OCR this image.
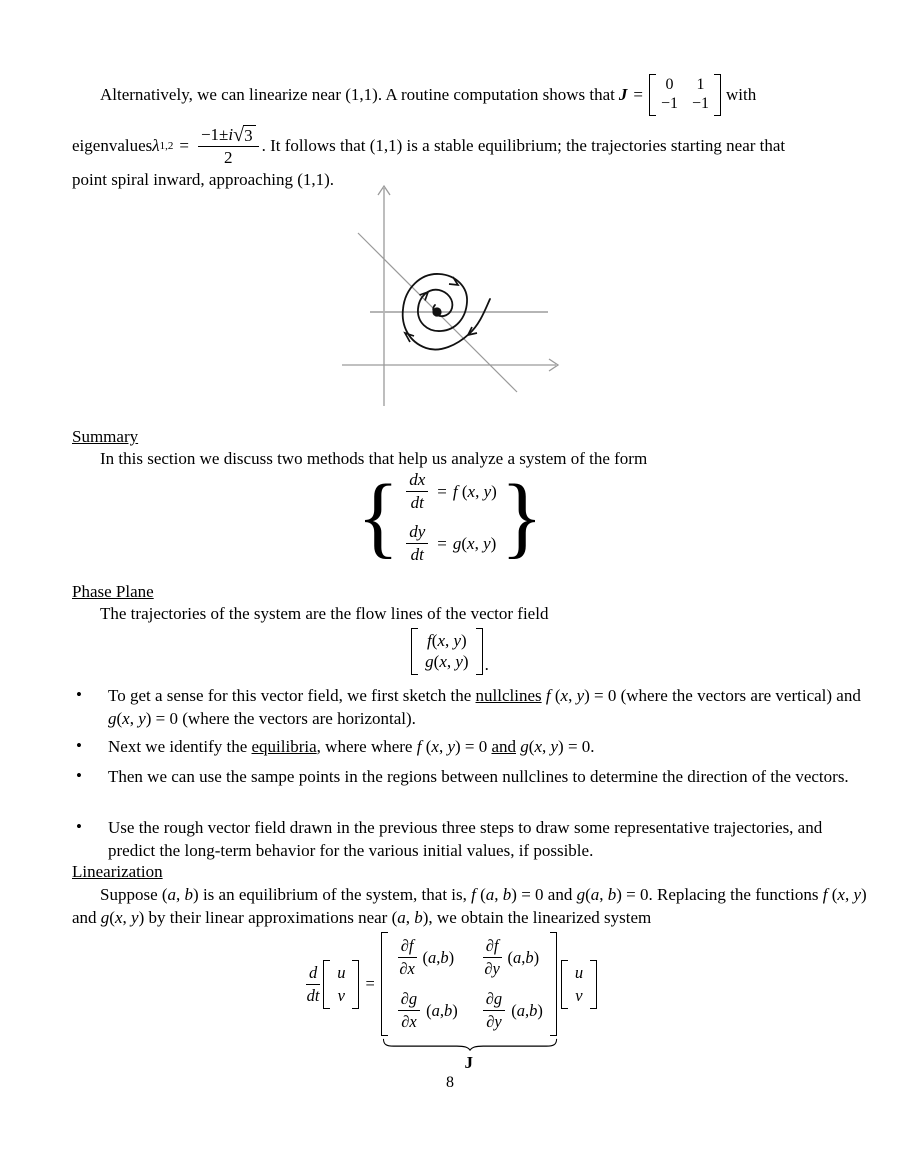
Alternatively, we can linearize near (1,1). A routine computation shows that J =
0 1
−1 −1 with
eigenvalues λ $1,2 = \frac{-1\pm i √ 3}{2}$ . It follows that (1,1) is a stable equilibrium; the trajectories starting near that
point spiral inward, approaching (1,1).
Summary
In this section we discuss two methods that help us analyze a system of the form
{ $\frac{dx}{dt} = f$ (x, y)
$\frac{dy}{dt} = g(x$, y) }
Phase Plane
The trajectories of the system are the flow lines of the vector field
f(x, y)
g(x, y) .
• To get a sense for this vector field, we first sketch the nullclines f (x, y) = 0 (where the vectors are vertical) and g(x, y) = 0 (where the vectors are horizontal).
• Next we identify the equilibria, where where f (x, y) = 0 and g(x, y) = 0.
• Then we can use the sampe points in the regions between nullclines to determine the direction of the vectors.
• Use the rough vector field drawn in the previous three steps to draw some representative trajectories, and predict the long-term behavior for the various initial values, if possible.
Linearization
Suppose (a, b) is an equilibrium of the system, that is, f (a, b) = 0 and g(a, b) = 0. Replacing the functions f (x, y) and g(x, y) by their linear approximations near (a, b), we obtain the linearized system
$\frac{d}{dt}$ u
v
=
$\frac{\partial f}{\partial x} (a,b) \frac{\partial f}{\partial y} (a,b)$
$\frac{\partial g}{\partial x} (a,b) \frac{\partial g}{\partial y} (a,b)$
J
u
v
8
